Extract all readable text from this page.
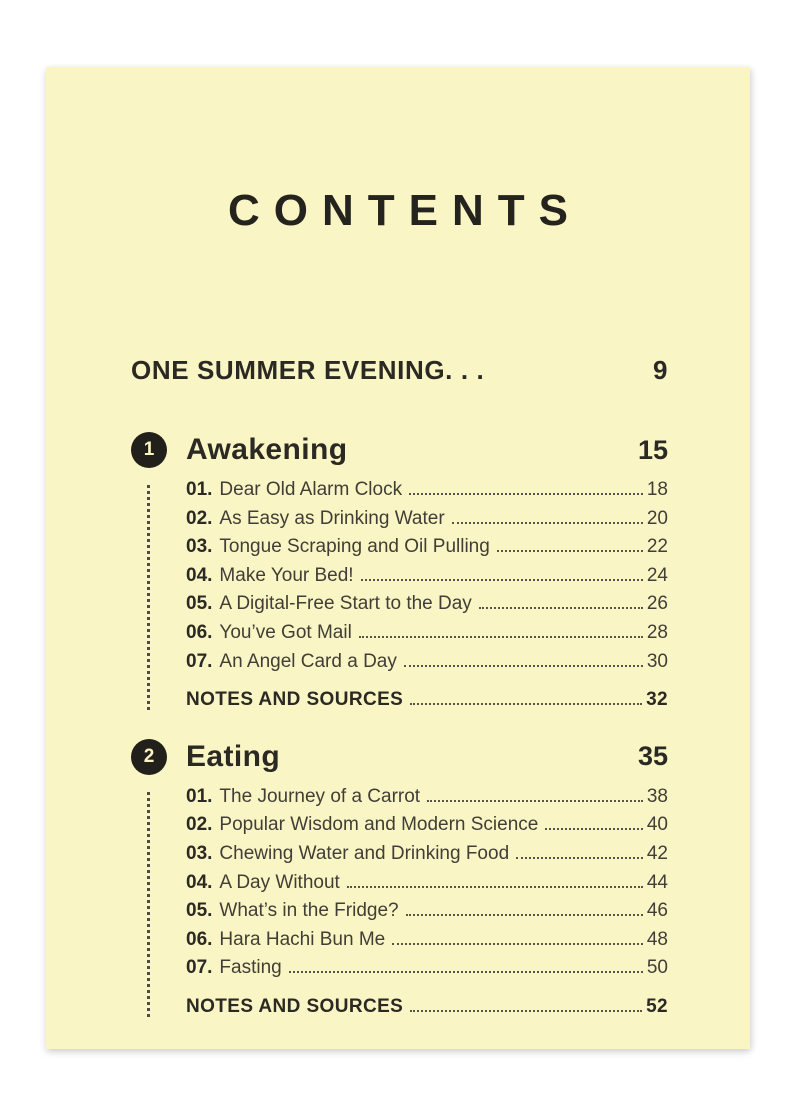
CONTENTS
ONE SUMMER EVENING. . .	9
1 Awakening	15
01. Dear Old Alarm Clock	18
02. As Easy as Drinking Water	20
03. Tongue Scraping and Oil Pulling	22
04. Make Your Bed!	24
05. A Digital-Free Start to the Day	26
06. You’ve Got Mail	28
07. An Angel Card a Day	30
NOTES AND SOURCES	32
2 Eating	35
01. The Journey of a Carrot	38
02. Popular Wisdom and Modern Science	40
03. Chewing Water and Drinking Food	42
04. A Day Without	44
05. What’s in the Fridge?	46
06. Hara Hachi Bun Me	48
07. Fasting	50
NOTES AND SOURCES	52
